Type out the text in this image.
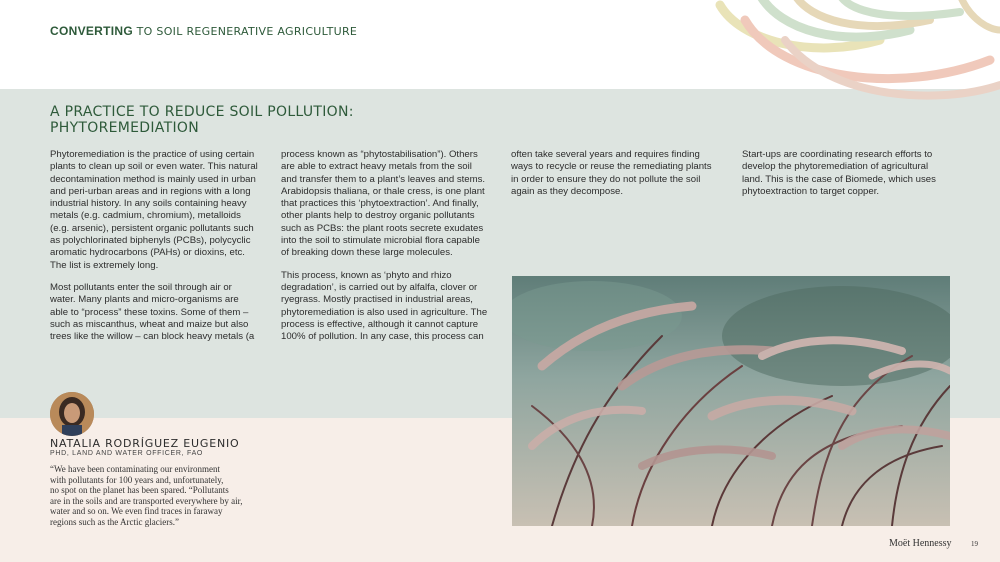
CONVERTING TO SOIL REGENERATIVE AGRICULTURE
A PRACTICE TO REDUCE SOIL POLLUTION:
PHYTOREMEDIATION

Phytoremediation is the practice of using certain plants to clean up soil or even water. This natural decontamination method is mainly used in urban and peri-urban areas and in regions with a long industrial history. In any soils containing heavy metals (e.g. cadmium, chromium), metalloids (e.g. arsenic), persistent organic pollutants such as polychlorinated biphenyls (PCBs), polycyclic aromatic hydrocarbons (PAHs) or dioxins, etc. The list is extremely long.

Most pollutants enter the soil through air or water. Many plants and micro-organisms are able to “process” these toxins. Some of them – such as miscanthus, wheat and maize but also trees like the willow – can block heavy metals (a

process known as “phytostabilisation”). Others are able to extract heavy metals from the soil and transfer them to a plant’s leaves and stems. Arabidopsis thaliana, or thale cress, is one plant that practices this ‘phytoextraction’. And finally, other plants help to destroy organic pollutants such as PCBs: the plant roots secrete exudates into the soil to stimulate microbial flora capable of breaking down these large molecules.

This process, known as ‘phyto and rhizo degradation’, is carried out by alfalfa, clover or ryegrass. Mostly practised in industrial areas, phytoremediation is also used in agriculture. The process is effective, although it cannot capture 100% of pollution. In any case, this process can

often take several years and requires finding ways to recycle or reuse the remediating plants in order to ensure they do not pollute the soil again as they decompose.

Start-ups are coordinating research efforts to develop the phytoremediation of agricultural land. This is the case of Biomede, which uses phytoextraction to target copper.

NATALIA RODRÍGUEZ EUGENIO
PHD, LAND AND WATER OFFICER, FAO
“We have been contaminating our environment
with pollutants for 100 years and, unfortunately,
no spot on the planet has been spared. “Pollutants
are in the soils and are transported everywhere by air,
water and so on. We even find traces in faraway
regions such as the Arctic glaciers.”
Moët Hennessy	19
